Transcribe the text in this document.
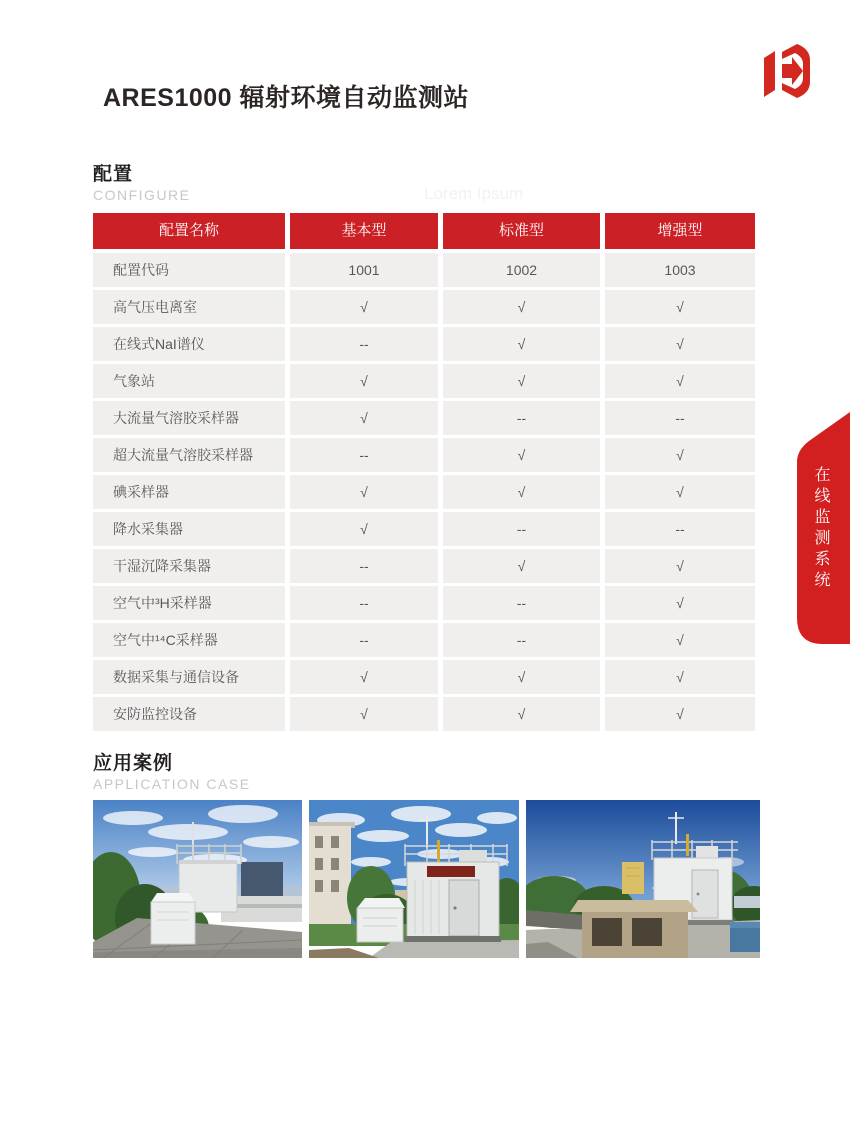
ARES1000 辐射环境自动监测站
配置
CONFIGURE	Lorem Ipsum
配置名称	基本型	标准型	增强型
配置代码	1001	1002	1003
高气压电离室	√	√	√
在线式NaI谱仪	--	√	√
气象站	√	√	√
大流量气溶胶采样器	√	--	--
超大流量气溶胶采样器	--	√	√
碘采样器	√	√	√
降水采集器	√	--	--
干湿沉降采集器	--	√	√
空气中³H采样器	--	--	√
空气中¹⁴C采样器	--	--	√
数据采集与通信设备	√	√	√
安防监控设备	√	√	√
在线监测系统
应用案例
APPLICATION CASE
